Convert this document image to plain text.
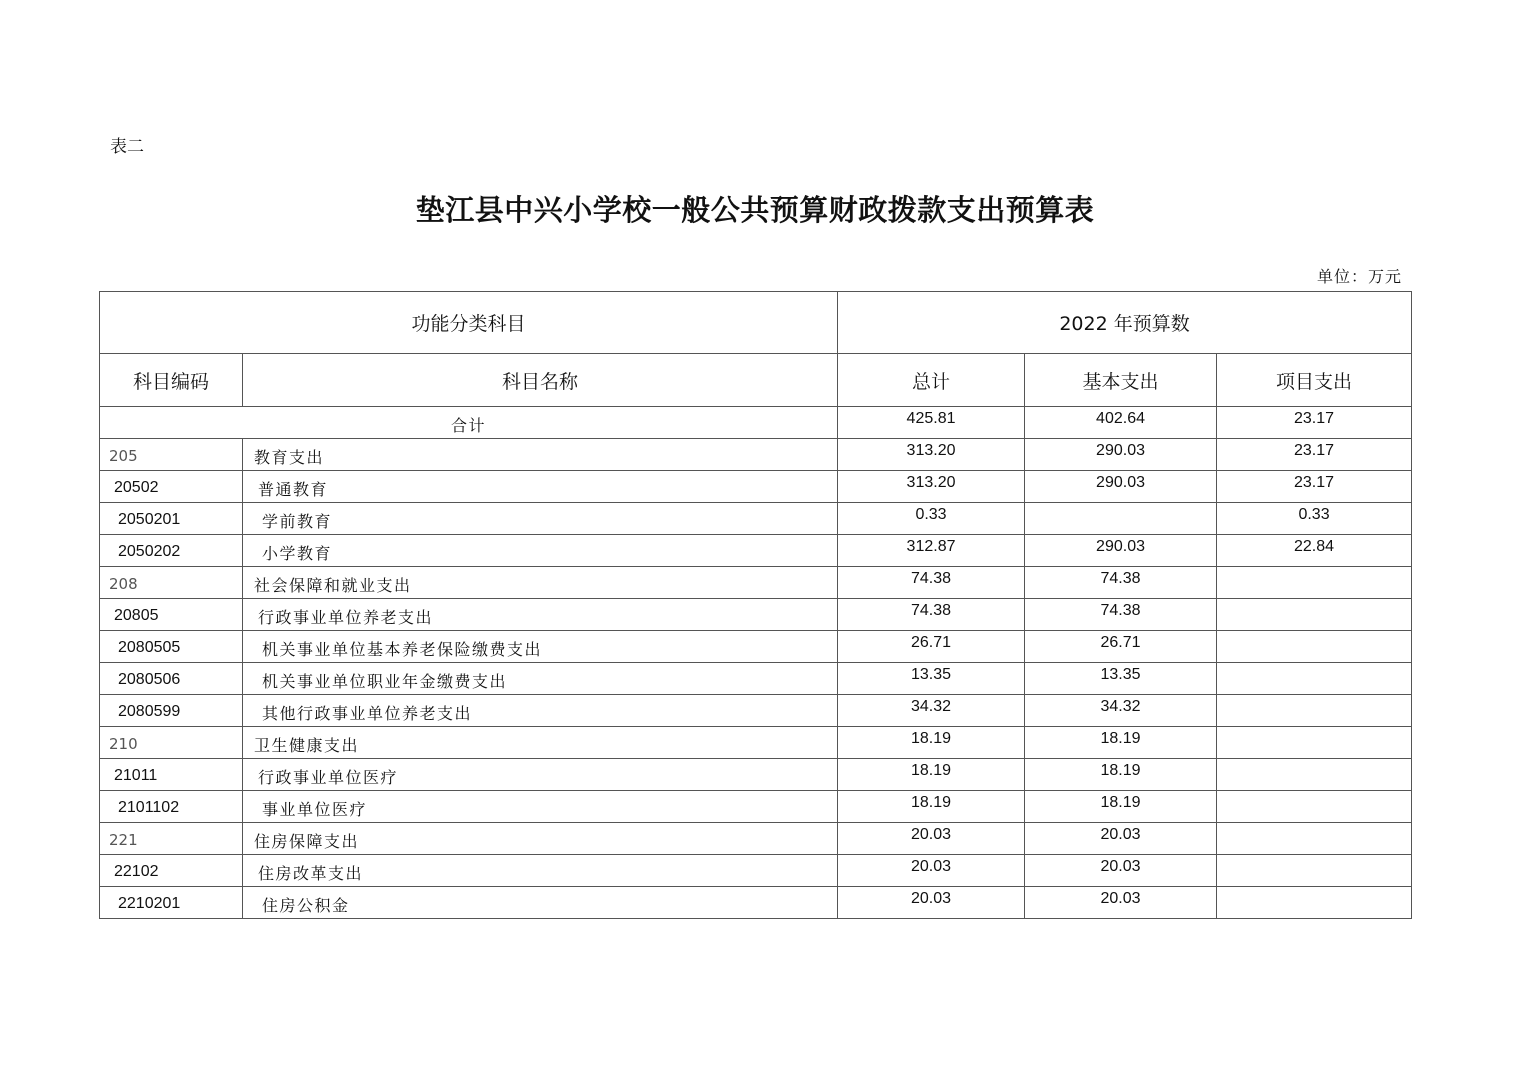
表二
垫江县中兴小学校一般公共预算财政拨款支出预算表
单位：万元
功能分类科目		2022 年预算数		
科目编码	科目名称	总计	基本支出	项目支出
合计		425.81	402.64	23.17
205	教育支出	313.20	290.03	23.17
20502	普通教育	313.20	290.03	23.17
2050201	学前教育	0.33		0.33
2050202	小学教育	312.87	290.03	22.84
208	社会保障和就业支出	74.38	74.38	
20805	行政事业单位养老支出	74.38	74.38	
2080505	机关事业单位基本养老保险缴费支出	26.71	26.71	
2080506	机关事业单位职业年金缴费支出	13.35	13.35	
2080599	其他行政事业单位养老支出	34.32	34.32	
210	卫生健康支出	18.19	18.19	
21011	行政事业单位医疗	18.19	18.19	
2101102	事业单位医疗	18.19	18.19	
221	住房保障支出	20.03	20.03	
22102	住房改革支出	20.03	20.03	
2210201	住房公积金	20.03	20.03	
